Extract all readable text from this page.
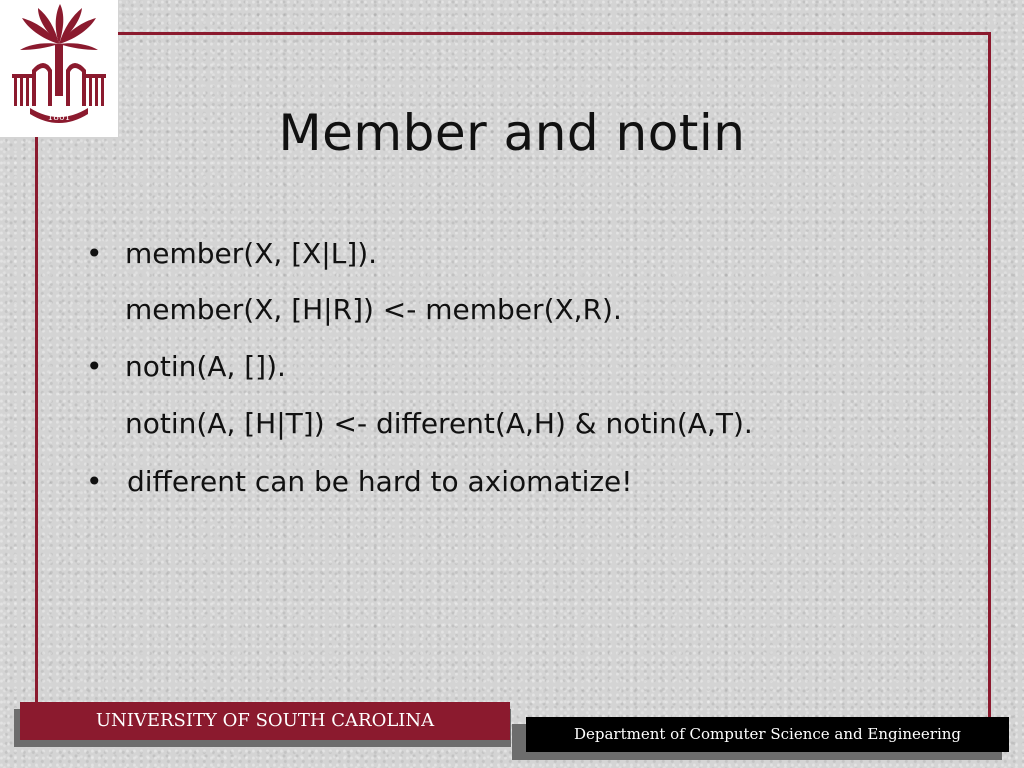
1801	Member and notin
• member(X, [X|L]).
member(X, [H|R]) <- member(X,R).
• notin(A, []).
notin(A, [H|T]) <- different(A,H) & notin(A,T).
• different can be hard to axiomatize!
UNIVERSITY OF SOUTH CAROLINA
Department of Computer Science and Engineering
